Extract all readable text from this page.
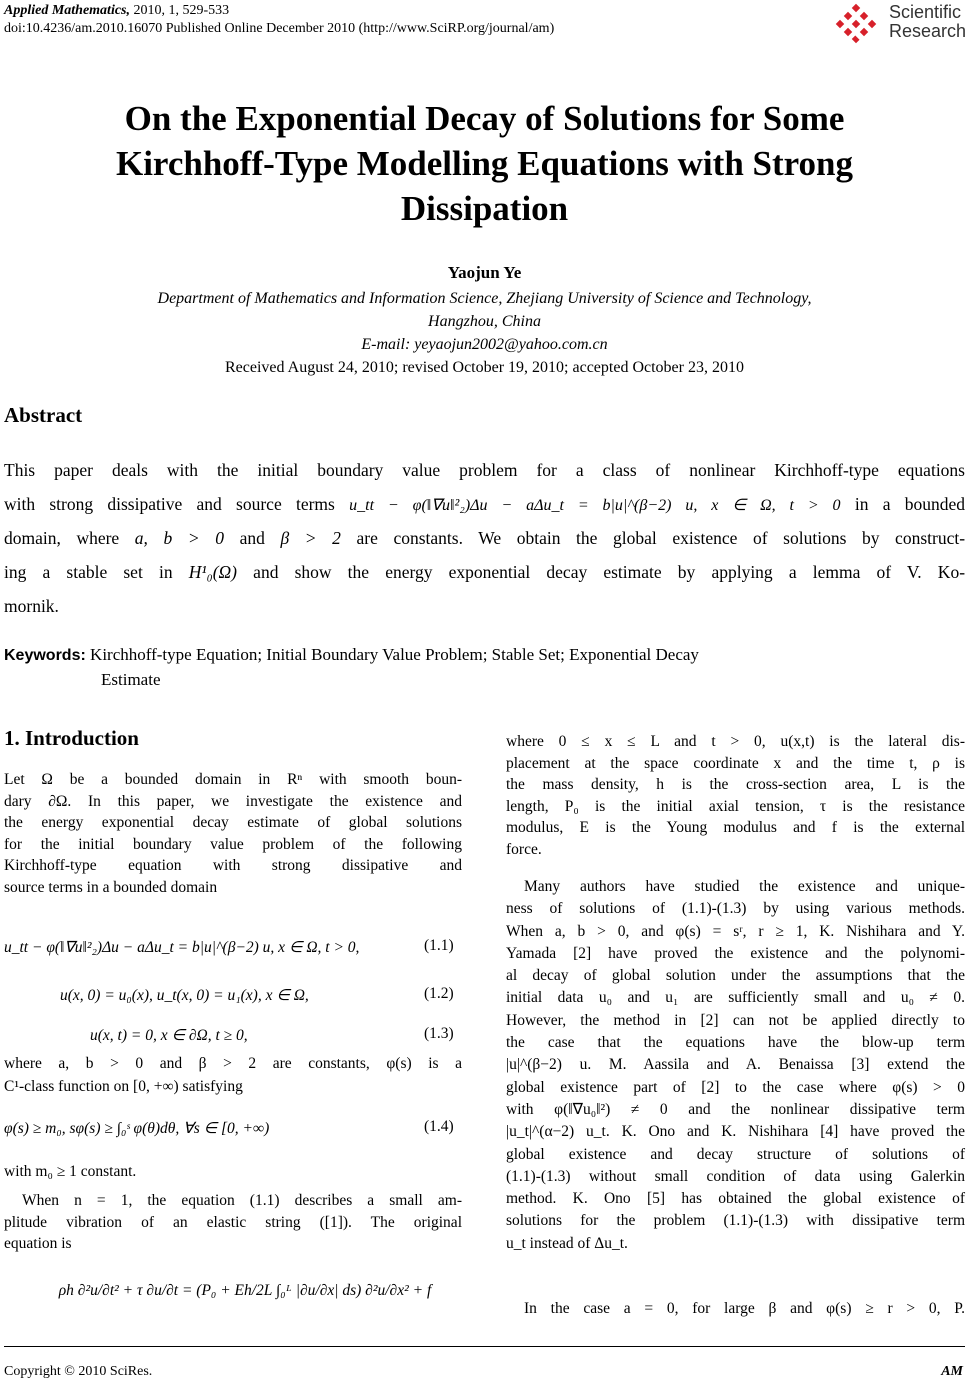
Applied Mathematics, 2010, 1, 529-533
doi:10.4236/am.2010.16070 Published Online December 2010 (http://www.SciRP.org/journal/am)
Scientific
Research
On the Exponential Decay of Solutions for Some
Kirchhoff-Type Modelling Equations with Strong
Dissipation
Yaojun Ye
Department of Mathematics and Information Science, Zhejiang University of Science and Technology,
Hangzhou, China
E-mail: yeyaojun2002@yahoo.com.cn
Received August 24, 2010; revised October 19, 2010; accepted October 23, 2010
Abstract
This paper deals with the initial boundary value problem for a class of nonlinear Kirchhoff-type equations
with strong dissipative and source terms u_tt − φ(‖∇u‖²₂)Δu − aΔu_t = b|u|^(β−2) u, x ∈ Ω, t > 0 in a bounded
domain, where a, b > 0 and β > 2 are constants. We obtain the global existence of solutions by construct-
ing a stable set in H¹₀(Ω) and show the energy exponential decay estimate by applying a lemma of V. Ko-
mornik.
Keywords: Kirchhoff-type Equation; Initial Boundary Value Problem; Stable Set; Exponential Decay
Estimate
1. Introduction
Let Ω be a bounded domain in Rⁿ with smooth boun-
dary ∂Ω. In this paper, we investigate the existence and
the energy exponential decay estimate of global solutions
for the initial boundary value problem of the following
Kirchhoff-type equation with strong dissipative and
source terms in a bounded domain
u_tt − φ(‖∇u‖²₂)Δu − aΔu_t = b|u|^(β−2) u, x ∈ Ω, t > 0,	(1.1)
u(x, 0) = u₀(x), u_t(x, 0) = u₁(x), x ∈ Ω,	(1.2)
u(x, t) = 0, x ∈ ∂Ω, t ≥ 0,	(1.3)
where a, b > 0 and β > 2 are constants, φ(s) is a
C¹-class function on [0, +∞) satisfying
φ(s) ≥ m₀, sφ(s) ≥ ∫₀ˢ φ(θ)dθ, ∀s ∈ [0, +∞)	(1.4)
with m₀ ≥ 1 constant.
When n = 1, the equation (1.1) describes a small am-
plitude vibration of an elastic string ([1]). The original
equation is
ρh ∂²u/∂t² + τ ∂u/∂t = (P₀ + Eh/2L ∫₀ᴸ |∂u/∂x| ds) ∂²u/∂x² + f
where 0 ≤ x ≤ L and t > 0, u(x,t) is the lateral dis-
placement at the space coordinate x and the time t, ρ is
the mass density, h is the cross-section area, L is the
length, P₀ is the initial axial tension, τ is the resistance
modulus, E is the Young modulus and f is the external
force.
Many authors have studied the existence and unique-
ness of solutions of (1.1)-(1.3) by using various methods.
When a, b > 0, and φ(s) = sʳ, r ≥ 1, K. Nishihara and Y.
Yamada [2] have proved the existence and the polynomi-
al decay of global solution under the assumptions that the
initial data u₀ and u₁ are sufficiently small and u₀ ≠ 0.
However, the method in [2] can not be applied directly to
the case that the equations have the blow-up term
|u|^(β−2) u. M. Aassila and A. Benaissa [3] extend the
global existence part of [2] to the case where φ(s) > 0
with φ(‖∇u₀‖²) ≠ 0 and the nonlinear dissipative term
|u_t|^(α−2) u_t. K. Ono and K. Nishihara [4] have proved the
global existence and decay structure of solutions of
(1.1)-(1.3) without small condition of data using Galerkin
method. K. Ono [5] has obtained the global existence of
solutions for the problem (1.1)-(1.3) with dissipative term
u_t instead of Δu_t.
In the case a = 0, for large β and φ(s) ≥ r > 0, P.
Copyright © 2010 SciRes.	AM
